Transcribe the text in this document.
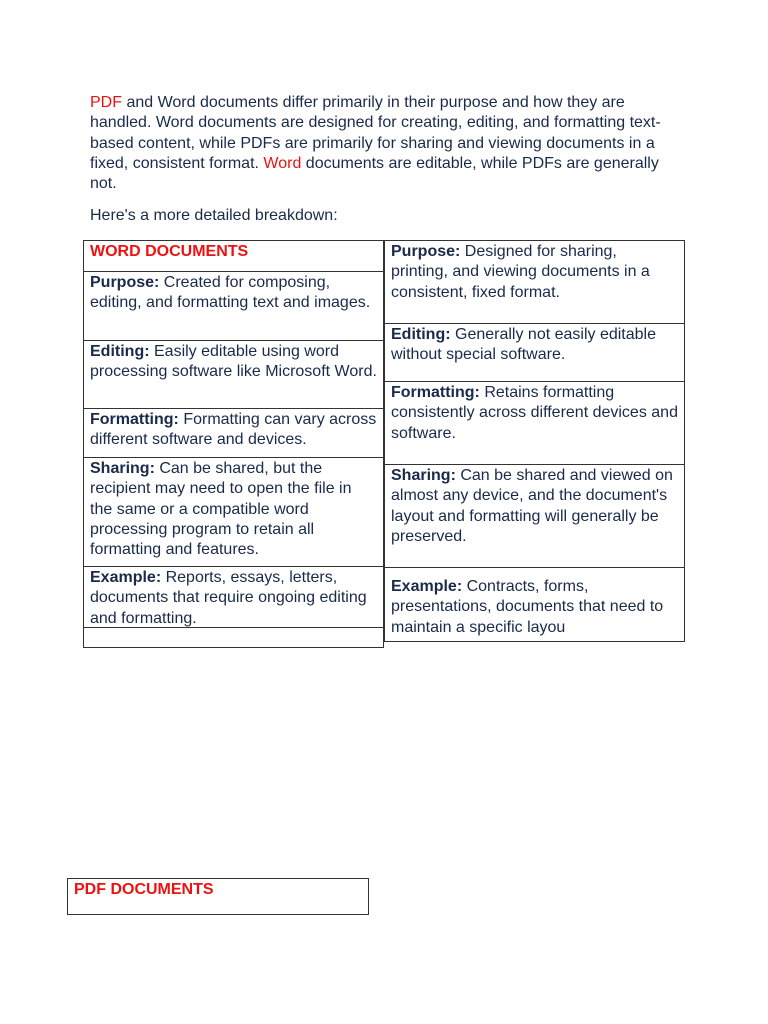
PDF and Word documents differ primarily in their purpose and how they are handled. Word documents are designed for creating, editing, and formatting text-based content, while PDFs are primarily for sharing and viewing documents in a fixed, consistent format. Word documents are editable, while PDFs are generally not.

Here's a more detailed breakdown:

WORD DOCUMENTS
Purpose: Created for composing, editing, and formatting text and images.
Editing: Easily editable using word processing software like Microsoft Word.
Formatting: Formatting can vary across different software and devices.
Sharing: Can be shared, but the recipient may need to open the file in the same or a compatible word processing program to retain all formatting and features.
Example: Reports, essays, letters, documents that require ongoing editing and formatting.
Purpose: Designed for sharing, printing, and viewing documents in a consistent, fixed format.
Editing: Generally not easily editable without special software.
Formatting: Retains formatting consistently across different devices and software.
Sharing: Can be shared and viewed on almost any device, and the document's layout and formatting will generally be preserved.
Example: Contracts, forms, presentations, documents that need to maintain a specific layou
PDF DOCUMENTS
